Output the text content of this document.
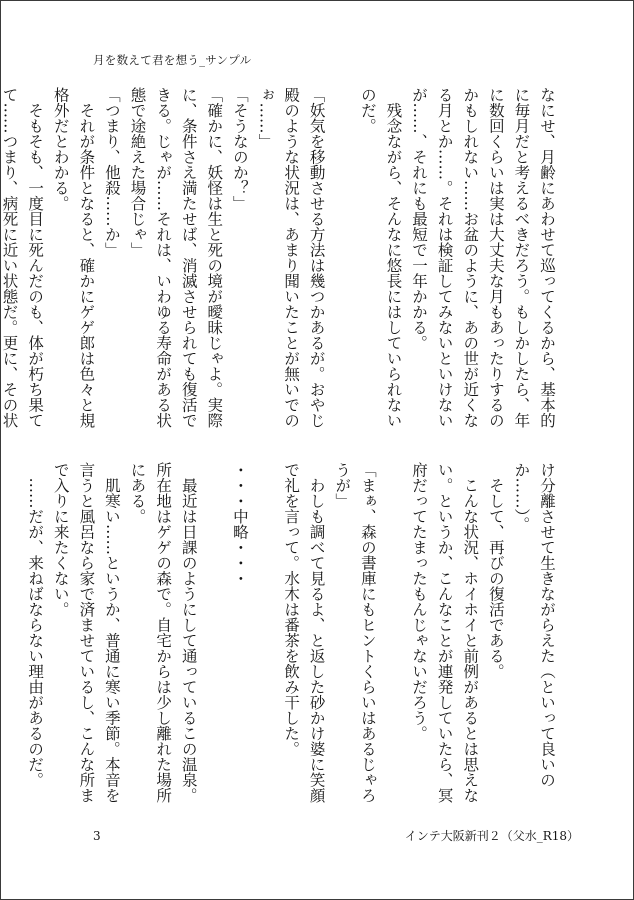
月を数えて君を想う_サンプル
なにせ、月齢にあわせて巡ってくるから、基本的に毎月だと考えるべきだろう。もしかしたら、年に数回くらいは実は大丈夫な月もあったりするのかもしれない……お盆のように、あの世が近くなる月とか……。それは検証してみないといけないが……、それにも最短で一年かかる。
　残念ながら、そんなに悠長にはしていられないのだ。

「妖気を移動させる方法は幾つかあるが。おやじ殿のような状況は、あまり聞いたことが無いでのぉ……」
「そうなのか？」
「確かに、妖怪は生と死の境が曖昧じゃよ。実際に、条件さえ満たせば、消滅させられても復活できる。じゃが……それは、いわゆる寿命がある状態で途絶えた場合じゃ」
「つまり、他殺……か」
　それが条件となると、確かにゲゲ郎は色々と規格外だとわかる。
　そもそも、一度目に死んだのも、体が朽ち果てて……つまり、病死に近い状態だ。更に、その状
け分離させて生きながらえた（といって良いのか……）。
　そして、再びの復活である。
　こんな状況、ホイホイと前例があるとは思えない。というか、こんなことが連発していたら、冥府だってたまったもんじゃないだろう。

「まぁ、森の書庫にもヒントくらいはあるじゃろうが」
　わしも調べて見るよ、と返した砂かけ婆に笑顔で礼を言って。水木は番茶を飲み干した。

・・・中略・・・

　最近は日課のようにして通っているこの温泉。所在地はゲゲの森で。自宅からは少し離れた場所にある。
　肌寒い……というか、普通に寒い季節。本音を言うと風呂なら家で済ませているし、こんな所まで入りに来たくない。
　……だが、来ねばならない理由があるのだ。

3	インテ大阪新刊２（父水_R18）
